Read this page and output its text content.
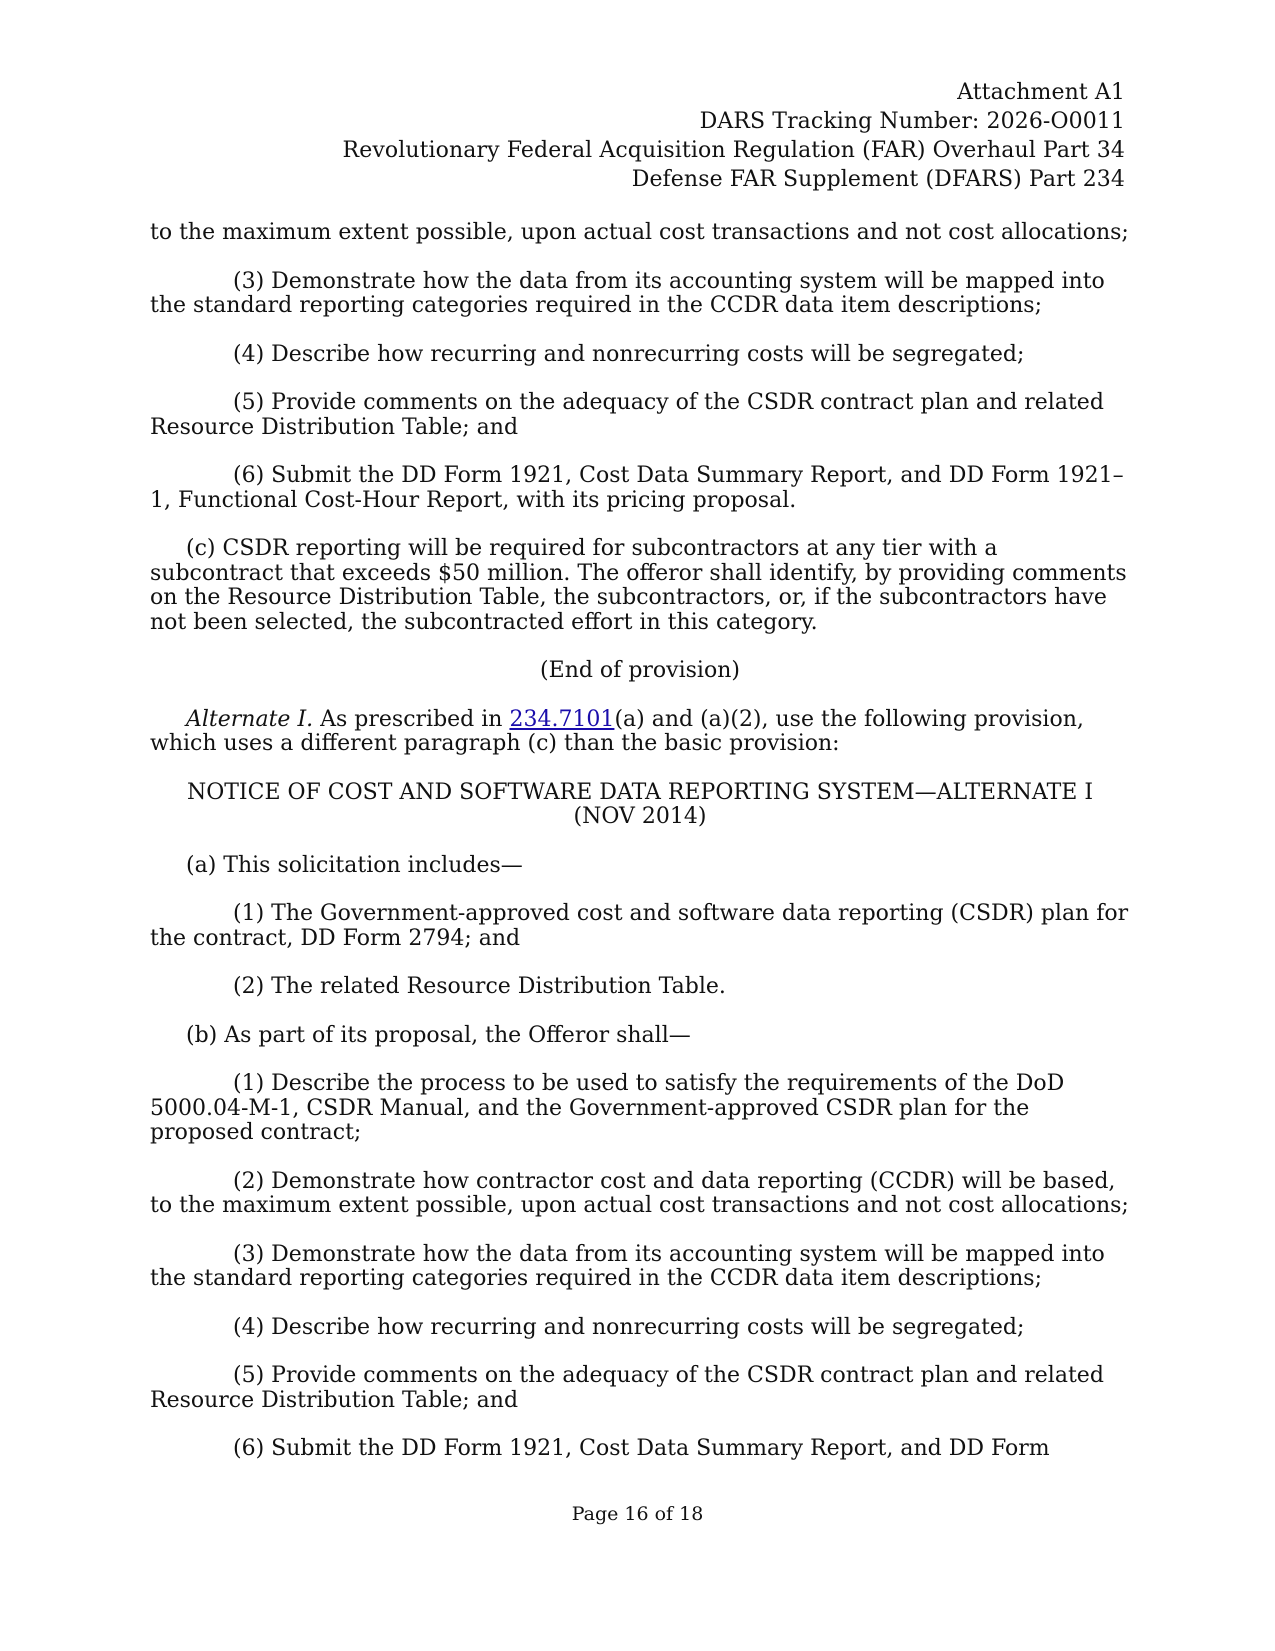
Attachment A1
DARS Tracking Number: 2026-O0011
Revolutionary Federal Acquisition Regulation (FAR) Overhaul Part 34
Defense FAR Supplement (DFARS) Part 234

to the maximum extent possible, upon actual cost transactions and not cost allocations;

(3) Demonstrate how the data from its accounting system will be mapped into the standard reporting categories required in the CCDR data item descriptions;

(4) Describe how recurring and nonrecurring costs will be segregated;

(5) Provide comments on the adequacy of the CSDR contract plan and related Resource Distribution Table; and

(6) Submit the DD Form 1921, Cost Data Summary Report, and DD Form 1921–1, Functional Cost-Hour Report, with its pricing proposal.

(c) CSDR reporting will be required for subcontractors at any tier with a subcontract that exceeds $50 million. The offeror shall identify, by providing comments on the Resource Distribution Table, the subcontractors, or, if the subcontractors have not been selected, the subcontracted effort in this category.

(End of provision)

Alternate I. As prescribed in 234.7101(a) and (a)(2), use the following provision, which uses a different paragraph (c) than the basic provision:

NOTICE OF COST AND SOFTWARE DATA REPORTING SYSTEM—ALTERNATE I
(NOV 2014)

(a) This solicitation includes—

(1) The Government-approved cost and software data reporting (CSDR) plan for the contract, DD Form 2794; and

(2) The related Resource Distribution Table.

(b) As part of its proposal, the Offeror shall—

(1) Describe the process to be used to satisfy the requirements of the DoD 5000.04-M-1, CSDR Manual, and the Government-approved CSDR plan for the proposed contract;

(2) Demonstrate how contractor cost and data reporting (CCDR) will be based, to the maximum extent possible, upon actual cost transactions and not cost allocations;

(3) Demonstrate how the data from its accounting system will be mapped into the standard reporting categories required in the CCDR data item descriptions;

(4) Describe how recurring and nonrecurring costs will be segregated;

(5) Provide comments on the adequacy of the CSDR contract plan and related Resource Distribution Table; and

(6) Submit the DD Form 1921, Cost Data Summary Report, and DD Form

Page 16 of 18
